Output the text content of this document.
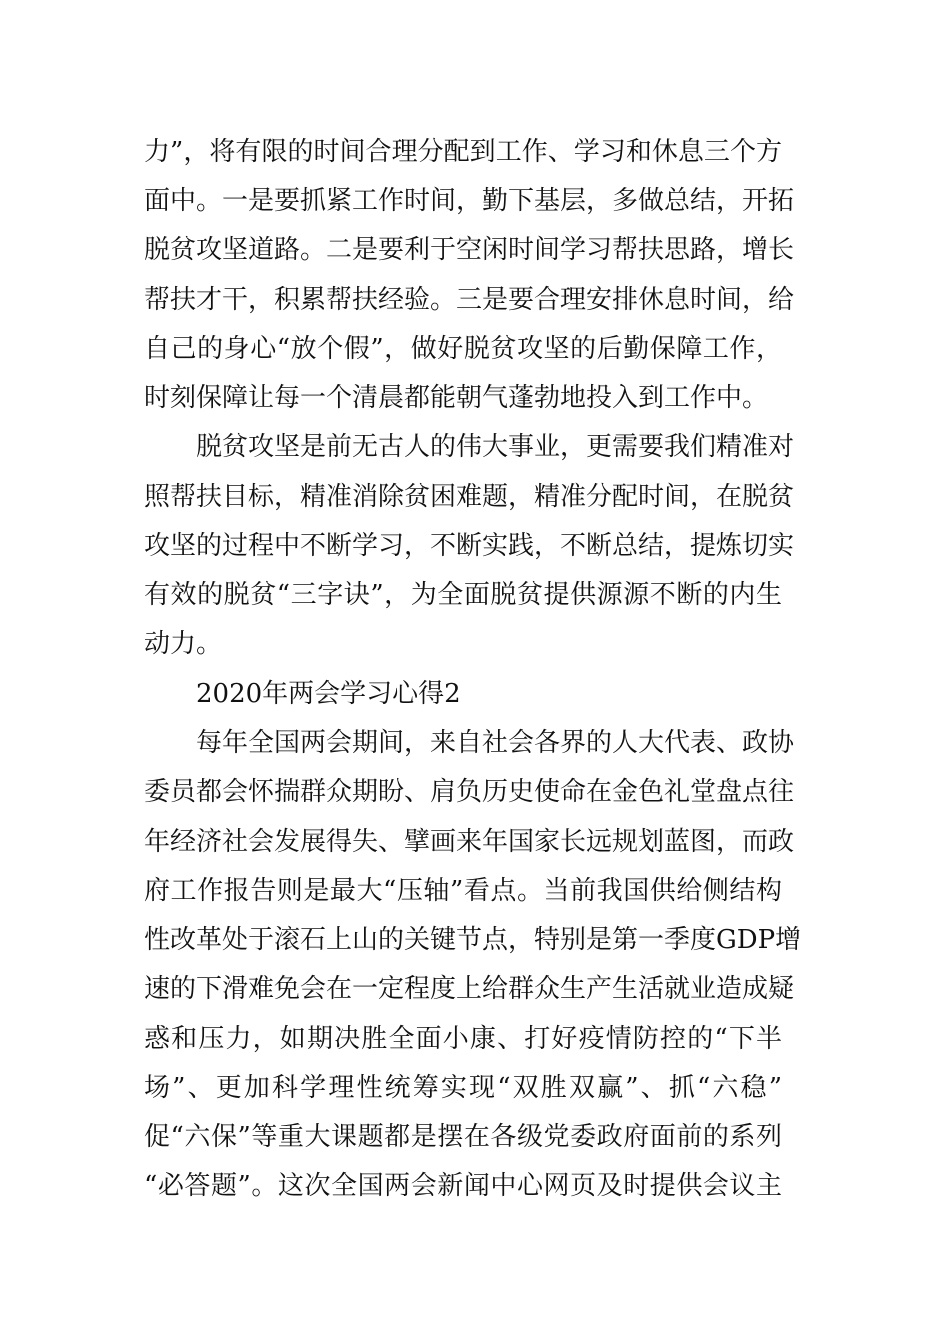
力”，将有限的时间合理分配到工作、学习和休息三个方
面中。一是要抓紧工作时间，勤下基层，多做总结，开拓
脱贫攻坚道路。二是要利于空闲时间学习帮扶思路，增长
帮扶才干，积累帮扶经验。三是要合理安排休息时间，给
自己的身心“放个假”，做好脱贫攻坚的后勤保障工作，
时刻保障让每一个清晨都能朝气蓬勃地投入到工作中。
脱贫攻坚是前无古人的伟大事业，更需要我们精准对
照帮扶目标，精准消除贫困难题，精准分配时间，在脱贫
攻坚的过程中不断学习，不断实践，不断总结，提炼切实
有效的脱贫“三字诀”，为全面脱贫提供源源不断的内生
动力。
2020年两会学习心得2
每年全国两会期间，来自社会各界的人大代表、政协
委员都会怀揣群众期盼、肩负历史使命在金色礼堂盘点往
年经济社会发展得失、擘画来年国家长远规划蓝图，而政
府工作报告则是最大“压轴”看点。当前我国供给侧结构
性改革处于滚石上山的关键节点，特别是第一季度GDP增
速的下滑难免会在一定程度上给群众生产生活就业造成疑
惑和压力，如期决胜全面小康、打好疫情防控的“下半
场”、更加科学理性统筹实现“双胜双赢”、抓“六稳”
促“六保”等重大课题都是摆在各级党委政府面前的系列
“必答题”。这次全国两会新闻中心网页及时提供会议主
